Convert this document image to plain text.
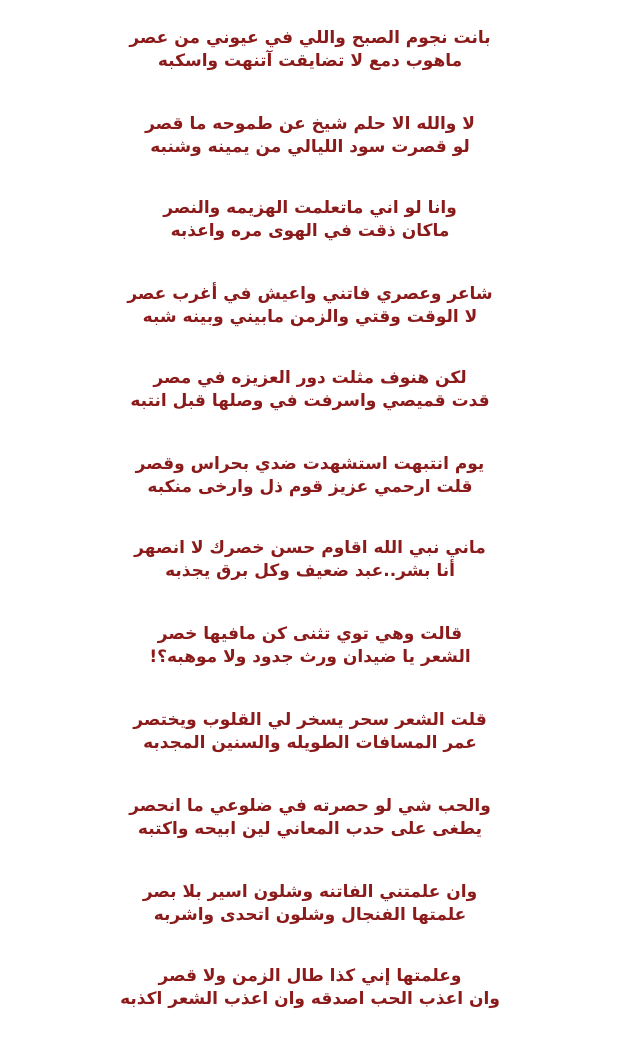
بانت نجوم الصبح واللي في عيوني من عصر
ماهوب دمع لا تضايقت آتنهت واسكبه
لا والله الا حلم شيخ عن طموحه ما قصر
لو قصرت سود الليالي من يمينه وشنبه
وانا لو اني ماتعلمت الهزيمه والنصر
ماكان ذقت في الهوى مره واعذبه
شاعر وعصري فاتني واعيش في أغرب عصر
لا الوقت وقتي والزمن مابيني وبينه شبه
لكن هنوف مثلت دور العزيزه في مصر
قدت قميصي واسرفت في وصلها قبل انتبه
يوم انتبهت استشهدت ضدي بحراس وقصر
قلت ارحمي عزيز قوم ذل وارخى منكبه
ماني نبي الله اقاوم حسن خصرك لا انصهر
أنا بشر..عبد ضعيف وكل برق يجذبه
قالت وهي توي تثنى كن مافيها خصر
الشعر يا ضيدان ورث جدود ولا موهبه؟!
قلت الشعر سحر يسخر لي القلوب ويختصر
عمر المسافات الطويله والسنين المجدبه
والحب شي لو حصرته في ضلوعي ما انحصر
يطغى على حدب المعاني لين ابيحه واكتبه
وان علمتني الفاتنه وشلون اسير بلا بصر
علمتها الفنجال وشلون اتحدى واشربه
وعلمتها إني كذا طال الزمن ولا قصر
وان اعذب الحب اصدقه وان اعذب الشعر اكذبه
